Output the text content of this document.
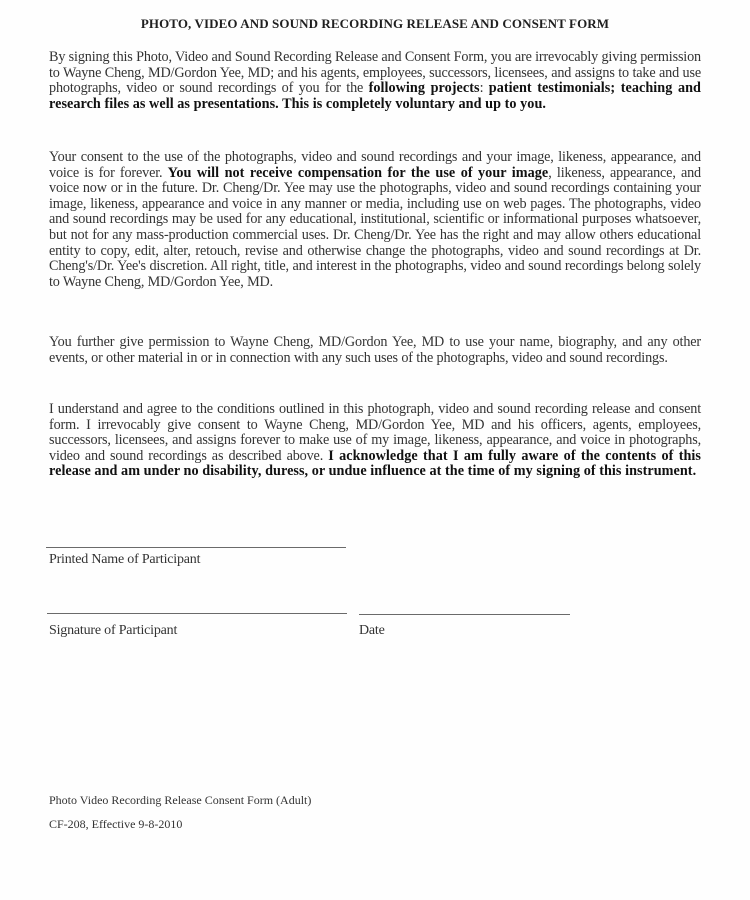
PHOTO, VIDEO AND SOUND RECORDING RELEASE AND CONSENT FORM
By signing this Photo, Video and Sound Recording Release and Consent Form, you are irrevocably giving permission to Wayne Cheng, MD/Gordon Yee, MD; and his agents, employees, successors, licensees, and assigns to take and use photographs, video or sound recordings of you for the following projects: patient testimonials; teaching and research files as well as presentations. This is completely voluntary and up to you.
Your consent to the use of the photographs, video and sound recordings and your image, likeness, appearance, and voice is for forever. You will not receive compensation for the use of your image, likeness, appearance, and voice now or in the future. Dr. Cheng/Dr. Yee may use the photographs, video and sound recordings containing your image, likeness, appearance and voice in any manner or media, including use on web pages. The photographs, video and sound recordings may be used for any educational, institutional, scientific or informational purposes whatsoever, but not for any mass-production commercial uses. Dr. Cheng/Dr. Yee has the right and may allow others educational entity to copy, edit, alter, retouch, revise and otherwise change the photographs, video and sound recordings at Dr. Cheng's/Dr. Yee's discretion. All right, title, and interest in the photographs, video and sound recordings belong solely to Wayne Cheng, MD/Gordon Yee, MD.
You further give permission to Wayne Cheng, MD/Gordon Yee, MD to use your name, biography, and any other events, or other material in or in connection with any such uses of the photographs, video and sound recordings.
I understand and agree to the conditions outlined in this photograph, video and sound recording release and consent form. I irrevocably give consent to Wayne Cheng, MD/Gordon Yee, MD and his officers, agents, employees, successors, licensees, and assigns forever to make use of my image, likeness, appearance, and voice in photographs, video and sound recordings as described above. I acknowledge that I am fully aware of the contents of this release and am under no disability, duress, or undue influence at the time of my signing of this instrument.
Printed Name of Participant
Signature of Participant	Date
Photo Video Recording Release Consent Form (Adult)
CF-208, Effective 9-8-2010
